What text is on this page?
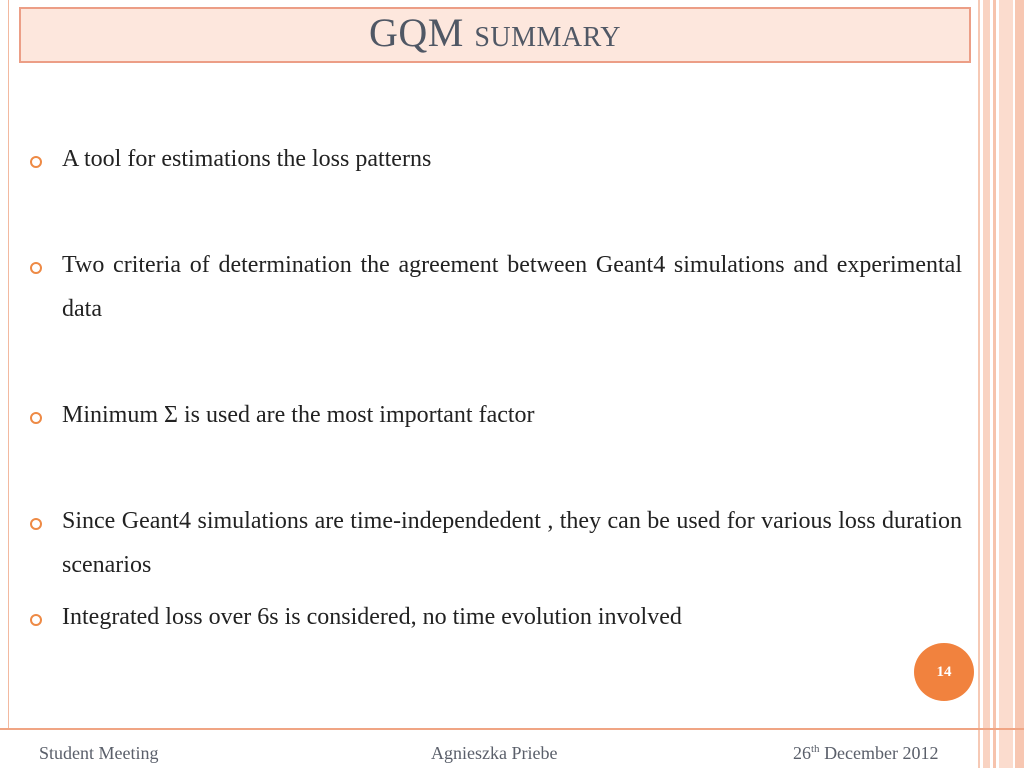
GQM summary
A tool for estimations the loss patterns
Two criteria of determination the agreement between Geant4 simulations and experimental data
Minimum Σ is used are the most important factor
Since Geant4 simulations are time-independedent , they can be used for various loss duration scenarios
Integrated loss over 6s is considered, no time evolution involved
14
Student Meeting	Agnieszka Priebe	26th December 2012
